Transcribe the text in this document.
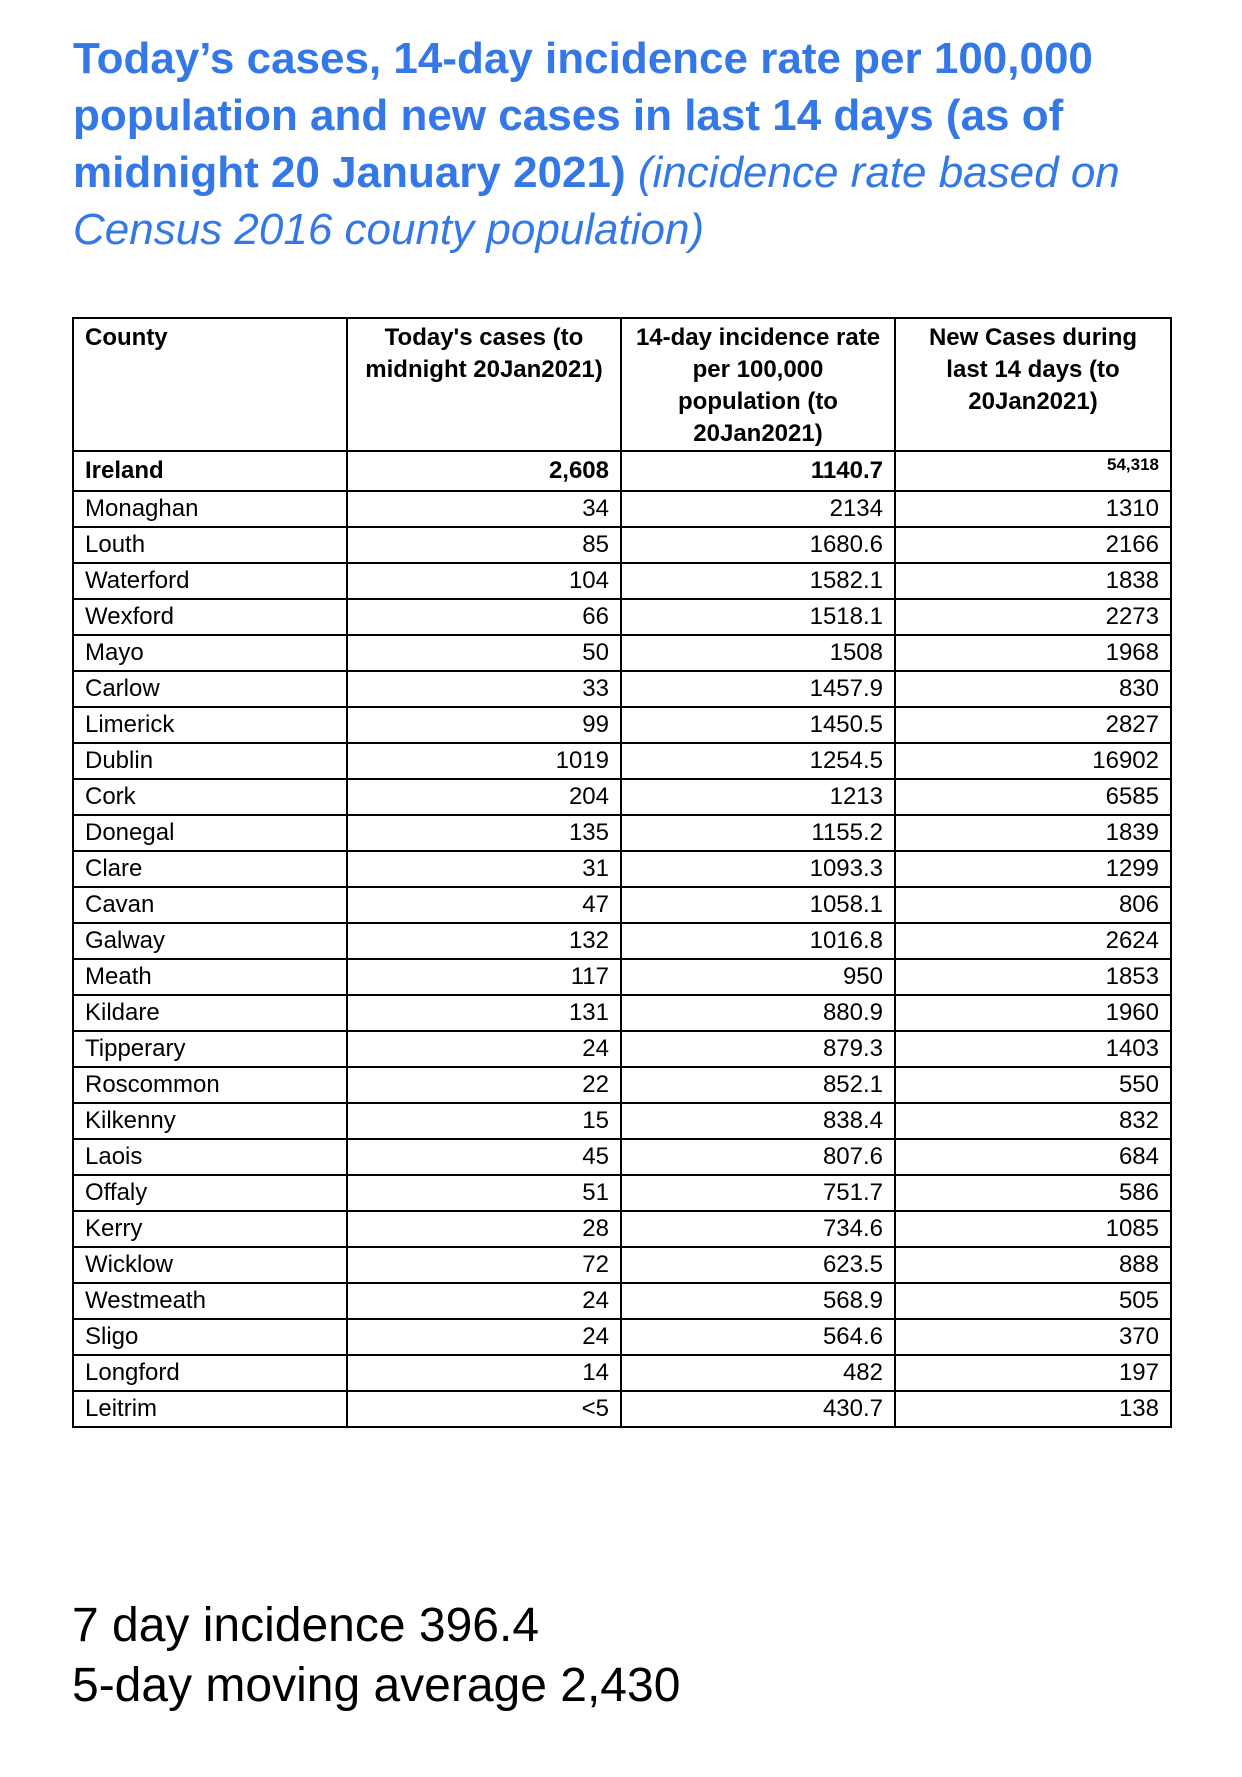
Today’s cases, 14-day incidence rate per 100,000 population and new cases in last 14 days (as of midnight 20 January 2021) (incidence rate based on Census 2016 county population)
County	Today's cases (to midnight 20Jan2021)	14-day incidence rate per 100,000 population (to 20Jan2021)	New Cases during last 14 days (to 20Jan2021)
Ireland	2,608	1140.7	54,318
Monaghan	34	2134	1310
Louth	85	1680.6	2166
Waterford	104	1582.1	1838
Wexford	66	1518.1	2273
Mayo	50	1508	1968
Carlow	33	1457.9	830
Limerick	99	1450.5	2827
Dublin	1019	1254.5	16902
Cork	204	1213	6585
Donegal	135	1155.2	1839
Clare	31	1093.3	1299
Cavan	47	1058.1	806
Galway	132	1016.8	2624
Meath	117	950	1853
Kildare	131	880.9	1960
Tipperary	24	879.3	1403
Roscommon	22	852.1	550
Kilkenny	15	838.4	832
Laois	45	807.6	684
Offaly	51	751.7	586
Kerry	28	734.6	1085
Wicklow	72	623.5	888
Westmeath	24	568.9	505
Sligo	24	564.6	370
Longford	14	482	197
Leitrim	<5	430.7	138
7 day incidence 396.4
5-day moving average 2,430
